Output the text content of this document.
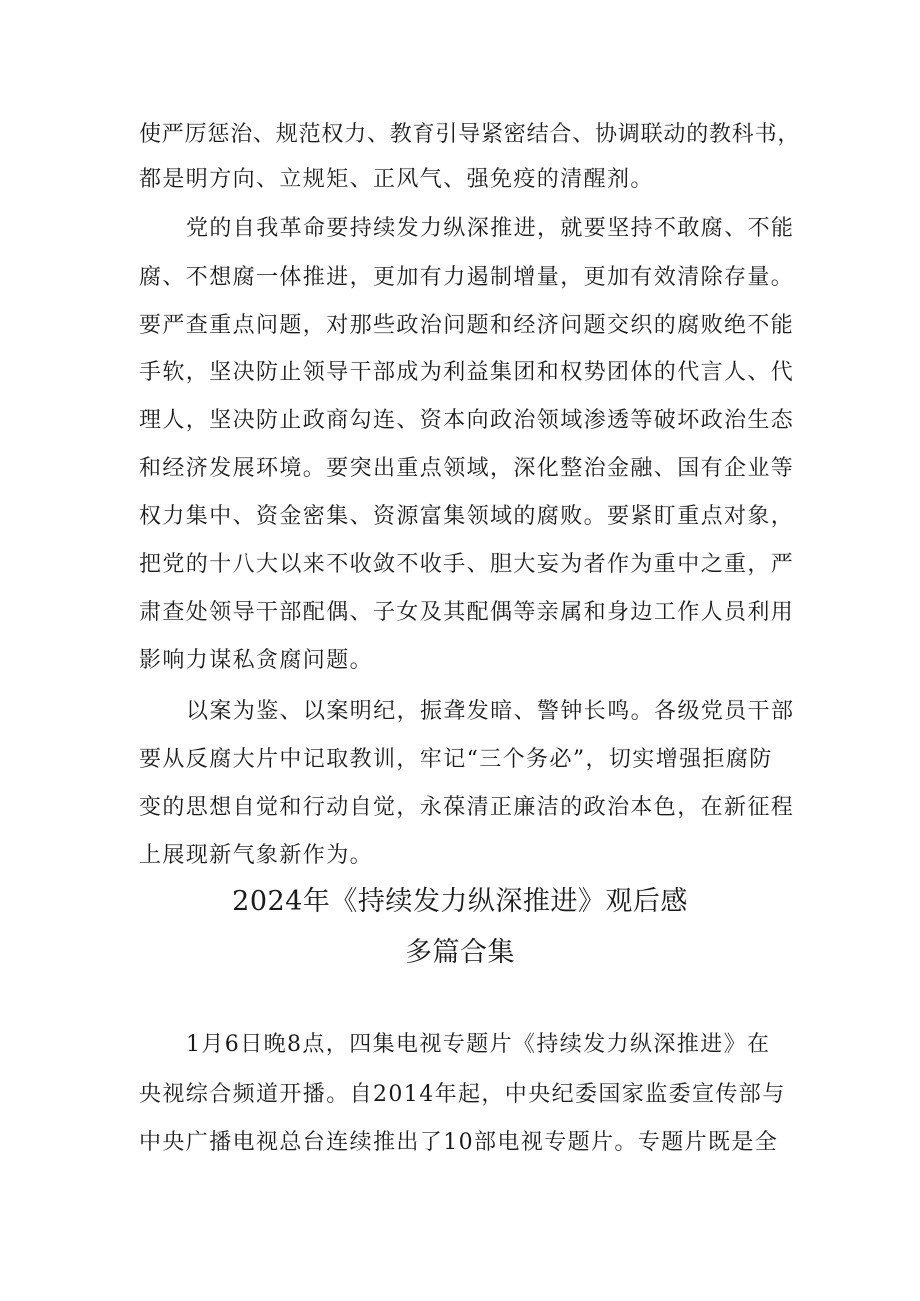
使严厉惩治、规范权力、教育引导紧密结合、协调联动的教科书，
都是明方向、立规矩、正风气、强免疫的清醒剂。
党的自我革命要持续发力纵深推进，就要坚持不敢腐、不能
腐、不想腐一体推进，更加有力遏制增量，更加有效清除存量。
要严查重点问题，对那些政治问题和经济问题交织的腐败绝不能
手软，坚决防止领导干部成为利益集团和权势团体的代言人、代
理人，坚决防止政商勾连、资本向政治领域渗透等破坏政治生态
和经济发展环境。要突出重点领域，深化整治金融、国有企业等
权力集中、资金密集、资源富集领域的腐败。要紧盯重点对象，
把党的十八大以来不收敛不收手、胆大妄为者作为重中之重，严
肃查处领导干部配偶、子女及其配偶等亲属和身边工作人员利用
影响力谋私贪腐问题。
以案为鉴、以案明纪，振聋发暗、警钟长鸣。各级党员干部
要从反腐大片中记取教训，牢记“三个务必”，切实增强拒腐防
变的思想自觉和行动自觉，永葆清正廉洁的政治本色，在新征程
上展现新气象新作为。
2024年《持续发力纵深推进》观后感
多篇合集
1月6日晚8点，四集电视专题片《持续发力纵深推进》在
央视综合频道开播。自2014年起，中央纪委国家监委宣传部与
中央广播电视总台连续推出了10部电视专题片。专题片既是全
